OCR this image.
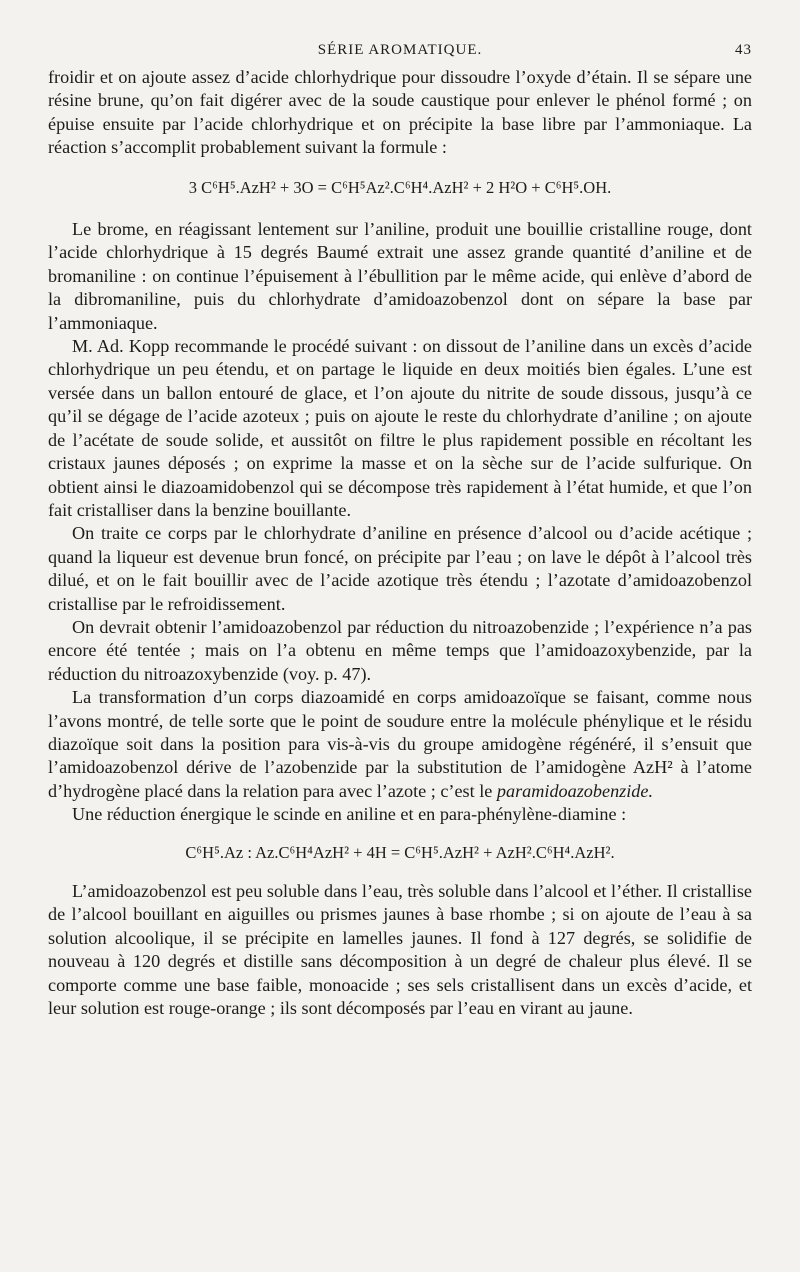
SÉRIE AROMATIQUE.	43

froidir et on ajoute assez d’acide chlorhydrique pour dissoudre l’oxyde d’étain. Il se sépare une résine brune, qu’on fait digérer avec de la soude caustique pour enlever le phénol formé ; on épuise ensuite par l’acide chlorhydrique et on précipite la base libre par l’ammoniaque. La réaction s’accomplit probablement suivant la formule :

3 C⁶H⁵.AzH² + 3O = C⁶H⁵Az².C⁶H⁴.AzH² + 2 H²O + C⁶H⁵.OH.

Le brome, en réagissant lentement sur l’aniline, produit une bouillie cristalline rouge, dont l’acide chlorhydrique à 15 degrés Baumé extrait une assez grande quantité d’aniline et de bromaniline : on continue l’épuisement à l’ébullition par le même acide, qui enlève d’abord de la dibromaniline, puis du chlorhydrate d’amidoazobenzol dont on sépare la base par l’ammoniaque.

M. Ad. Kopp recommande le procédé suivant : on dissout de l’aniline dans un excès d’acide chlorhydrique un peu étendu, et on partage le liquide en deux moitiés bien égales. L’une est versée dans un ballon entouré de glace, et l’on ajoute du nitrite de soude dissous, jusqu’à ce qu’il se dégage de l’acide azoteux ; puis on ajoute le reste du chlorhydrate d’aniline ; on ajoute de l’acétate de soude solide, et aussitôt on filtre le plus rapidement possible en récoltant les cristaux jaunes déposés ; on exprime la masse et on la sèche sur de l’acide sulfurique. On obtient ainsi le diazoamidobenzol qui se décompose très rapidement à l’état humide, et que l’on fait cristalliser dans la benzine bouillante.

On traite ce corps par le chlorhydrate d’aniline en présence d’alcool ou d’acide acétique ; quand la liqueur est devenue brun foncé, on précipite par l’eau ; on lave le dépôt à l’alcool très dilué, et on le fait bouillir avec de l’acide azotique très étendu ; l’azotate d’amidoazobenzol cristallise par le refroidissement.

On devrait obtenir l’amidoazobenzol par réduction du nitroazobenzide ; l’expérience n’a pas encore été tentée ; mais on l’a obtenu en même temps que l’amidoazoxybenzide, par la réduction du nitroazoxybenzide (voy. p. 47).

La transformation d’un corps diazoamidé en corps amidoazoïque se faisant, comme nous l’avons montré, de telle sorte que le point de soudure entre la molécule phénylique et le résidu diazoïque soit dans la position para vis-à-vis du groupe amidogène régénéré, il s’ensuit que l’amidoazobenzol dérive de l’azobenzide par la substitution de l’amidogène AzH² à l’atome d’hydrogène placé dans la relation para avec l’azote ; c’est le paramidoazobenzide.

Une réduction énergique le scinde en aniline et en para-phénylène-diamine :

C⁶H⁵.Az : Az.C⁶H⁴AzH² + 4H = C⁶H⁵.AzH² + AzH².C⁶H⁴.AzH².

L’amidoazobenzol est peu soluble dans l’eau, très soluble dans l’alcool et l’éther. Il cristallise de l’alcool bouillant en aiguilles ou prismes jaunes à base rhombe ; si on ajoute de l’eau à sa solution alcoolique, il se précipite en lamelles jaunes. Il fond à 127 degrés, se solidifie de nouveau à 120 degrés et distille sans décomposition à un degré de chaleur plus élevé. Il se comporte comme une base faible, monoacide ; ses sels cristallisent dans un excès d’acide, et leur solution est rouge-orange ; ils sont décomposés par l’eau en virant au jaune.
